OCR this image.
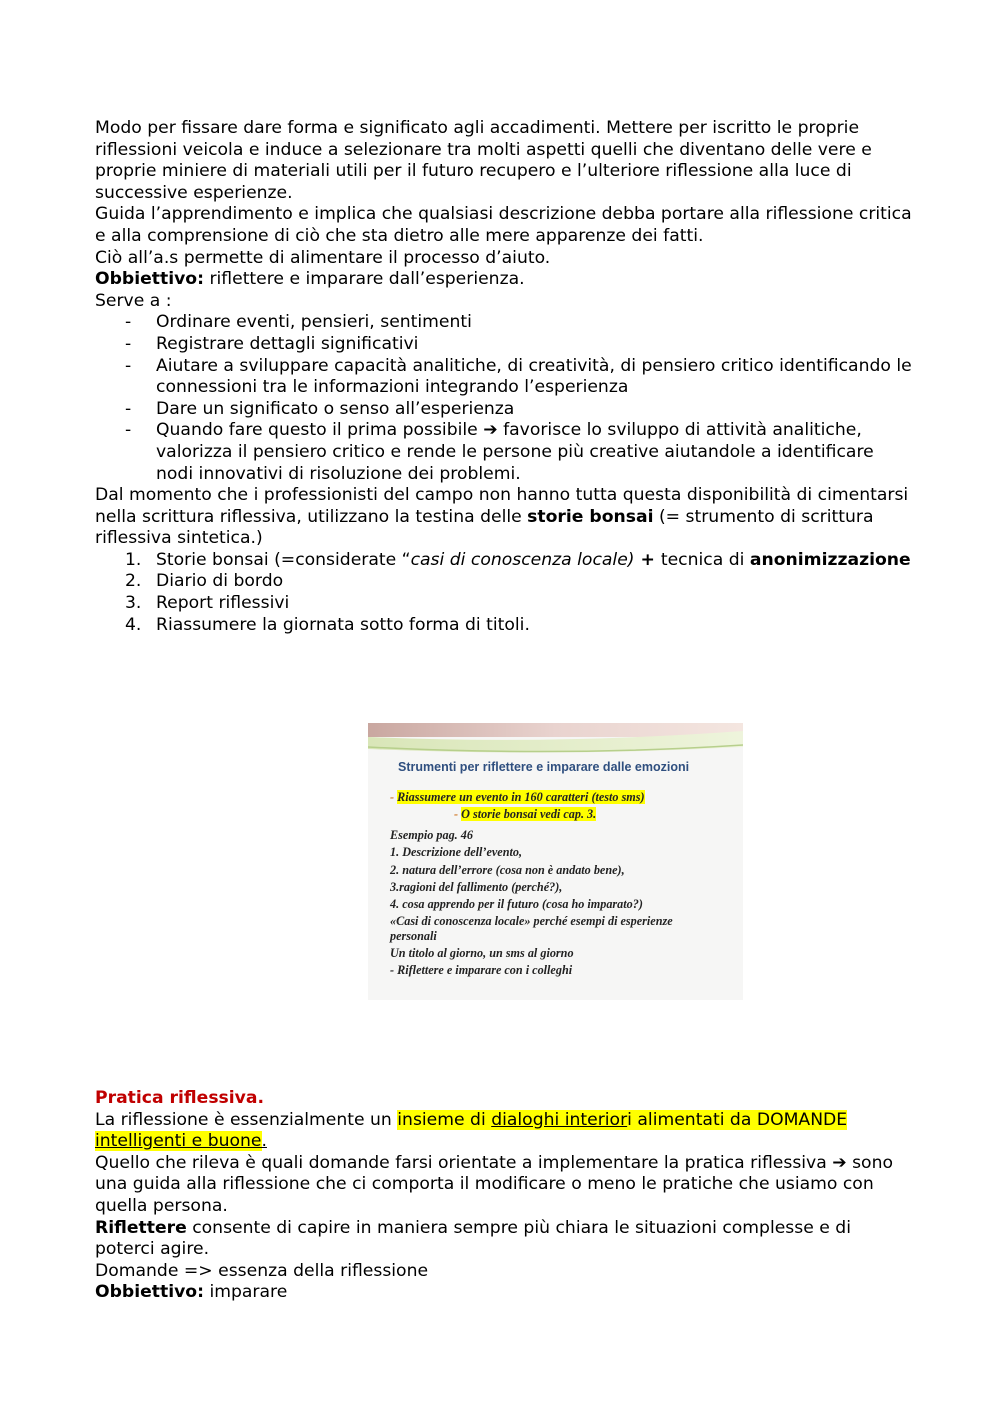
Modo per fissare dare forma e significato agli accadimenti. Mettere per iscritto le proprie riflessioni veicola e induce a selezionare tra molti aspetti quelli che diventano delle vere e proprie miniere di materiali utili per il futuro recupero e l’ulteriore riflessione alla luce di successive esperienze.

Guida l’apprendimento e implica che qualsiasi descrizione debba portare alla riflessione critica e alla comprensione di ciò che sta dietro alle mere apparenze dei fatti.

Ciò all’a.s permette di alimentare il processo d’aiuto.

Obbiettivo: riflettere e imparare dall’esperienza.

Serve a :

- Ordinare eventi, pensieri, sentimenti
- Registrare dettagli significativi
- Aiutare a sviluppare capacità analitiche, di creatività, di pensiero critico identificando le connessioni tra le informazioni integrando l’esperienza
- Dare un significato o senso all’esperienza
- Quando fare questo il prima possibile ➔ favorisce lo sviluppo di attività analitiche, valorizza il pensiero critico e rende le persone più creative aiutandole a identificare nodi innovativi di risoluzione dei problemi.

Dal momento che i professionisti del campo non hanno tutta questa disponibilità di cimentarsi nella scrittura riflessiva, utilizzano la testina delle storie bonsai (= strumento di scrittura riflessiva sintetica.)

1. Storie bonsai (=considerate “casi di conoscenza locale) + tecnica di anonimizzazione
2. Diario di bordo
3. Report riflessivi
4. Riassumere la giornata sotto forma di titoli.
Strumenti per riflettere e imparare dalle emozioni

- Riassumere un evento in 160 caratteri (testo sms)

- O storie bonsai vedi cap. 3.

Esempio pag. 46

1. Descrizione dell’evento,

2. natura dell’errore (cosa non è andato bene),

3.ragioni del fallimento (perché?),

4. cosa apprendo per il futuro (cosa ho imparato?)

«Casi di conoscenza locale» perché esempi di esperienze personali

Un titolo al giorno, un sms al giorno

- Riflettere e imparare con i colleghi

Pratica riflessiva.

La riflessione è essenzialmente un insieme di dialoghi interiori alimentati da DOMANDE intelligenti e buone.

Quello che rileva è quali domande farsi orientate a implementare la pratica riflessiva ➔ sono una guida alla riflessione che ci comporta il modificare o meno le pratiche che usiamo con quella persona.

Riflettere consente di capire in maniera sempre più chiara le situazioni complesse e di poterci agire.

Domande => essenza della riflessione

Obbiettivo: imparare
